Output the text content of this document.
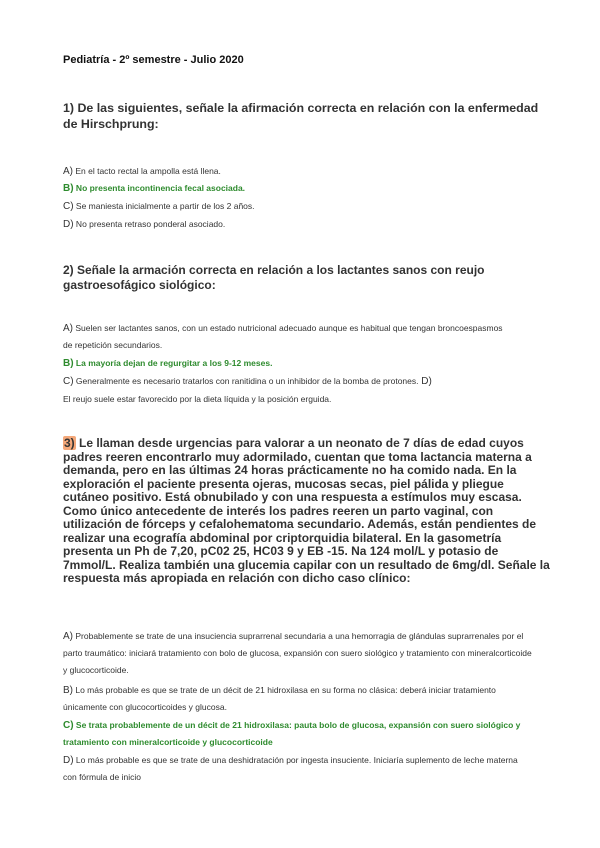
Pediatría - 2º semestre - Julio 2020
1) De las siguientes, señale la afirmación correcta en relación con la enfermedad de Hirschprung:
A) En el tacto rectal la ampolla está llena.
B) No presenta incontinencia fecal asociada.
C) Se maniesta inicialmente a partir de los 2 años.
D) No presenta retraso ponderal asociado.
2) Señale la armación correcta en relación a los lactantes sanos con reujo gastroesofágico siológico:
A) Suelen ser lactantes sanos, con un estado nutricional adecuado aunque es habitual que tengan broncoespasmos de repetición secundarios.
B) La mayoría dejan de regurgitar a los 9-12 meses.
C) Generalmente es necesario tratarlos con ranitidina o un inhibidor de la bomba de protones. D)
El reujo suele estar favorecido por la dieta líquida y la posición erguida.
3) Le llaman desde urgencias para valorar a un neonato de 7 días de edad cuyos padres reeren encontrarlo muy adormilado, cuentan que toma lactancia materna a demanda, pero en las últimas 24 horas prácticamente no ha comido nada. En la exploración el paciente presenta ojeras, mucosas secas, piel pálida y pliegue cutáneo positivo. Está obnubilado y con una respuesta a estímulos muy escasa. Como único antecedente de interés los padres reeren un parto vaginal, con utilización de fórceps y cefalohematoma secundario. Además, están pendientes de realizar una ecografía abdominal por criptorquidia bilateral. En la gasometría presenta un Ph de 7,20, pC02 25, HC03 9 y EB -15. Na 124 mol/L y potasio de 7mmol/L. Realiza también una glucemia capilar con un resultado de 6mg/dl. Señale la respuesta más apropiada en relación con dicho caso clínico:
A) Probablemente se trate de una insuciencia suprarrenal secundaria a una hemorragia de glándulas suprarrenales por el parto traumático: iniciará tratamiento con bolo de glucosa, expansión con suero siológico y tratamiento con mineralcorticoide y glucocorticoide.
B) Lo más probable es que se trate de un décit de 21 hidroxilasa en su forma no clásica: deberá iniciar tratamiento únicamente con glucocorticoides y glucosa.
C) Se trata probablemente de un décit de 21 hidroxilasa: pauta bolo de glucosa, expansión con suero siológico y tratamiento con mineralcorticoide y glucocorticoide
D) Lo más probable es que se trate de una deshidratación por ingesta insuciente. Iniciaría suplemento de leche materna con fórmula de inicio
